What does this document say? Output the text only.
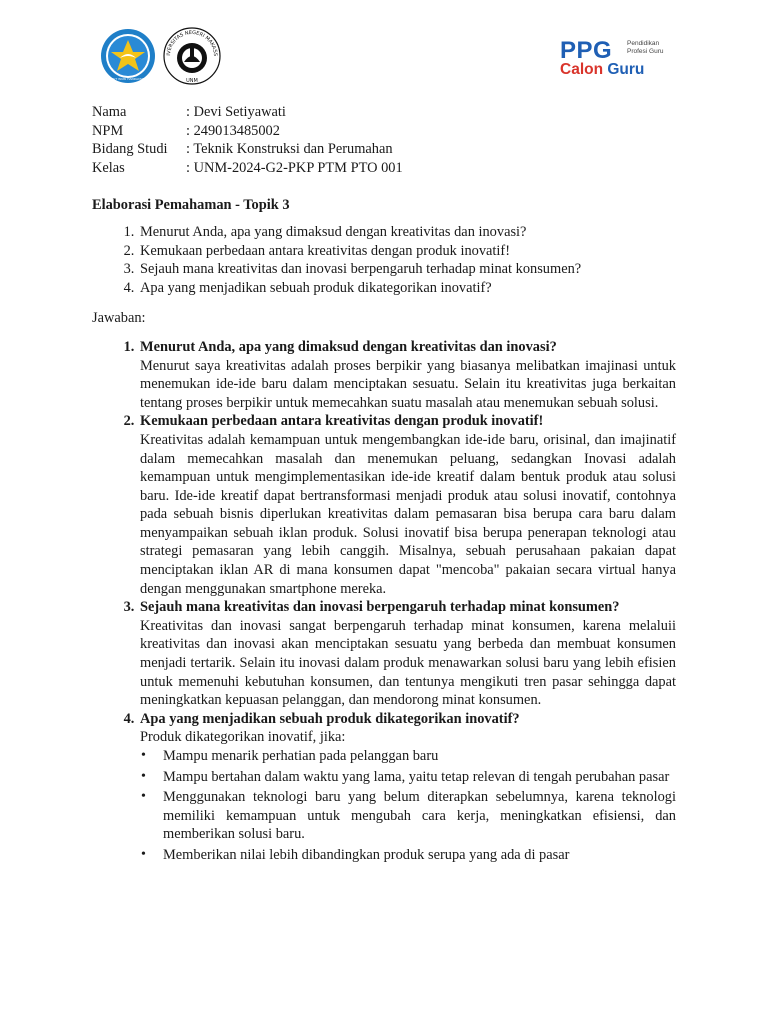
TUT WURI HANDAYANI
IVERSITAS NEGERI MAKASS
UNM
PPG Pendidikan Profesi Guru
Calon Guru
Nama	: Devi Setiyawati
NPM	: 249013485002
Bidang Studi	: Teknik Konstruksi dan Perumahan
Kelas	: UNM-2024-G2-PKP PTM PTO 001
Elaborasi Pemahaman - Topik 3
1. Menurut Anda, apa yang dimaksud dengan kreativitas dan inovasi?
2. Kemukaan perbedaan antara kreativitas dengan produk inovatif!
3. Sejauh mana kreativitas dan inovasi berpengaruh terhadap minat konsumen?
4. Apa yang menjadikan sebuah produk dikategorikan inovatif?
Jawaban:
1. Menurut Anda, apa yang dimaksud dengan kreativitas dan inovasi?
Menurut saya kreativitas adalah proses berpikir yang biasanya melibatkan imajinasi untuk menemukan ide-ide baru dalam menciptakan sesuatu. Selain itu kreativitas juga berkaitan tentang proses berpikir untuk memecahkan suatu masalah atau menemukan sebuah solusi.
2. Kemukaan perbedaan antara kreativitas dengan produk inovatif!
Kreativitas adalah kemampuan untuk mengembangkan ide-ide baru, orisinal, dan imajinatif dalam memecahkan masalah dan menemukan peluang, sedangkan Inovasi adalah kemampuan untuk mengimplementasikan ide-ide kreatif dalam bentuk produk atau solusi baru. Ide-ide kreatif dapat bertransformasi menjadi produk atau solusi inovatif, contohnya pada sebuah bisnis diperlukan kreativitas dalam pemasaran bisa berupa cara baru dalam menyampaikan sebuah iklan produk. Solusi inovatif bisa berupa penerapan teknologi atau strategi pemasaran yang lebih canggih. Misalnya, sebuah perusahaan pakaian dapat menciptakan iklan AR di mana konsumen dapat "mencoba" pakaian secara virtual hanya dengan menggunakan smartphone mereka.
3. Sejauh mana kreativitas dan inovasi berpengaruh terhadap minat konsumen?
Kreativitas dan inovasi sangat berpengaruh terhadap minat konsumen, karena melaluii kreativitas dan inovasi akan menciptakan sesuatu yang berbeda dan membuat konsumen menjadi tertarik. Selain itu inovasi dalam produk menawarkan solusi baru yang lebih efisien untuk memenuhi kebutuhan konsumen, dan tentunya mengikuti tren pasar sehingga dapat meningkatkan kepuasan pelanggan, dan mendorong minat konsumen.
4. Apa yang menjadikan sebuah produk dikategorikan inovatif?
Produk dikategorikan inovatif, jika:
• Mampu menarik perhatian pada pelanggan baru
• Mampu bertahan dalam waktu yang lama, yaitu tetap relevan di tengah perubahan pasar
• Menggunakan teknologi baru yang belum diterapkan sebelumnya, karena teknologi memiliki kemampuan untuk mengubah cara kerja, meningkatkan efisiensi, dan memberikan solusi baru.
• Memberikan nilai lebih dibandingkan produk serupa yang ada di pasar
